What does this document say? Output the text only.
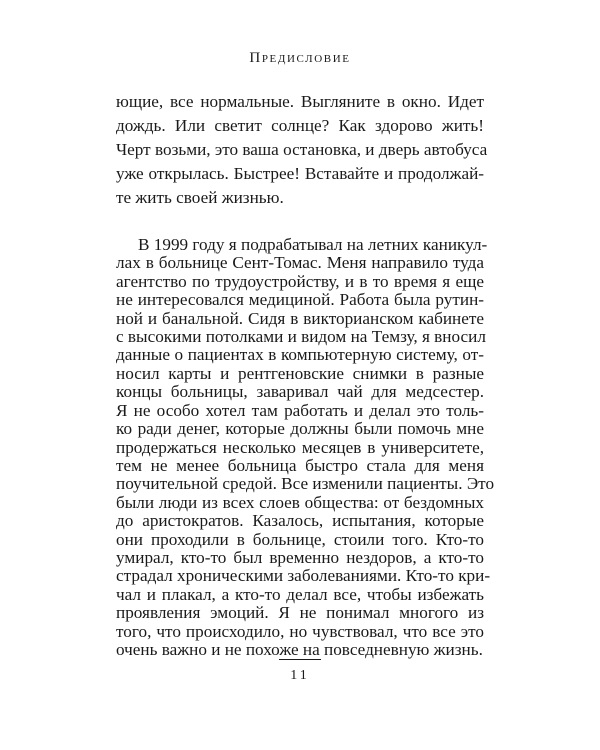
Предисловие
ющие, все нормальные. Выгляните в окно. Идет
дождь. Или светит солнце? Как здорово жить!
Черт возьми, это ваша остановка, и дверь автобуса
уже открылась. Быстрее! Вставайте и продолжай-
те жить своей жизнью.
В 1999 году я подрабатывал на летних каникул-
лах в больнице Сент-Томас. Меня направило туда
агентство по трудоустройству, и в то время я еще
не интересовался медициной. Работа была рутин-
ной и банальной. Сидя в викторианском кабинете
с высокими потолками и видом на Темзу, я вносил
данные о пациентах в компьютерную систему, от-
носил карты и рентгеновские снимки в разные
концы больницы, заваривал чай для медсестер.
Я не особо хотел там работать и делал это толь-
ко ради денег, которые должны были помочь мне
продержаться несколько месяцев в университете,
тем не менее больница быстро стала для меня
поучительной средой. Все изменили пациенты. Это
были люди из всех слоев общества: от бездомных
до аристократов. Казалось, испытания, которые
они проходили в больнице, стоили того. Кто-то
умирал, кто-то был временно нездоров, а кто-то
страдал хроническими заболеваниями. Кто-то кри-
чал и плакал, а кто-то делал все, чтобы избежать
проявления эмоций. Я не понимал многого из
того, что происходило, но чувствовал, что все это
очень важно и не похоже на повседневную жизнь.
11
